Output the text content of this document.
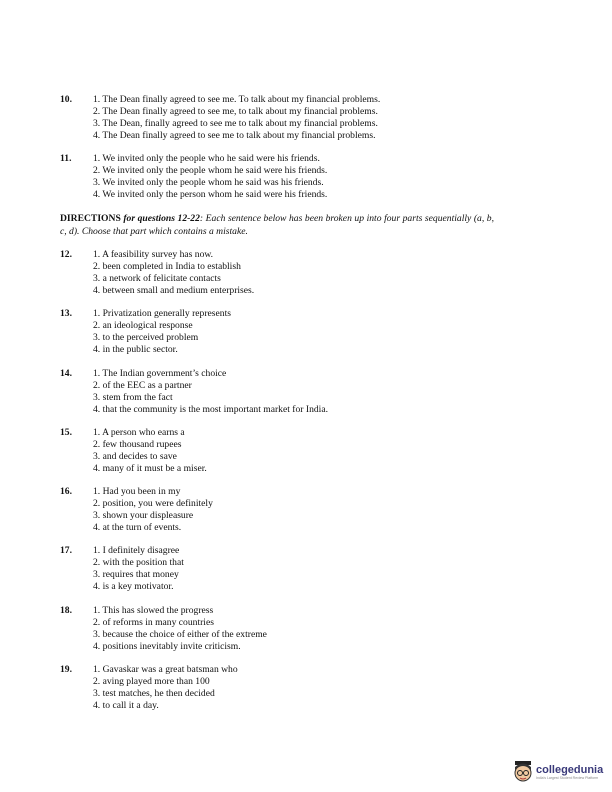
10. 1. The Dean finally agreed to see me. To talk about my financial problems.
2. The Dean finally agreed to see me, to talk about my financial problems.
3. The Dean, finally agreed to see me to talk about my financial problems.
4. The Dean finally agreed to see me to talk about my financial problems.
11. 1. We invited only the people who he said were his friends.
2. We invited only the people whom he said were his friends.
3. We invited only the people whom he said was his friends.
4. We invited only the person whom he said were his friends.
12. 1. A feasibility survey has now.
2. been completed in India to establish
3. a network of felicitate contacts
4. between small and medium enterprises.
13. 1. Privatization generally represents
2. an ideological response
3. to the perceived problem
4. in the public sector.
14. 1. The Indian government’s choice
2. of the EEC as a partner
3. stem from the fact
4. that the community is the most important market for India.
15. 1. A person who earns a
2. few thousand rupees
3. and decides to save
4. many of it must be a miser.
16. 1. Had you been in my
2. position, you were definitely
3. shown your displeasure
4. at the turn of events.
17. 1. I definitely disagree
2. with the position that
3. requires that money
4. is a key motivator.
18. 1. This has slowed the progress
2. of reforms in many countries
3. because the choice of either of the extreme
4. positions inevitably invite criticism.
19. 1. Gavaskar was a great batsman who
2. aving played more than 100
3. test matches, he then decided
4. to call it a day.
DIRECTIONS for questions 12-22: Each sentence below has been broken up into four parts sequentially (a, b, c, d). Choose that part which contains a mistake.
collegedunia
India's Largest Student Review Platform
